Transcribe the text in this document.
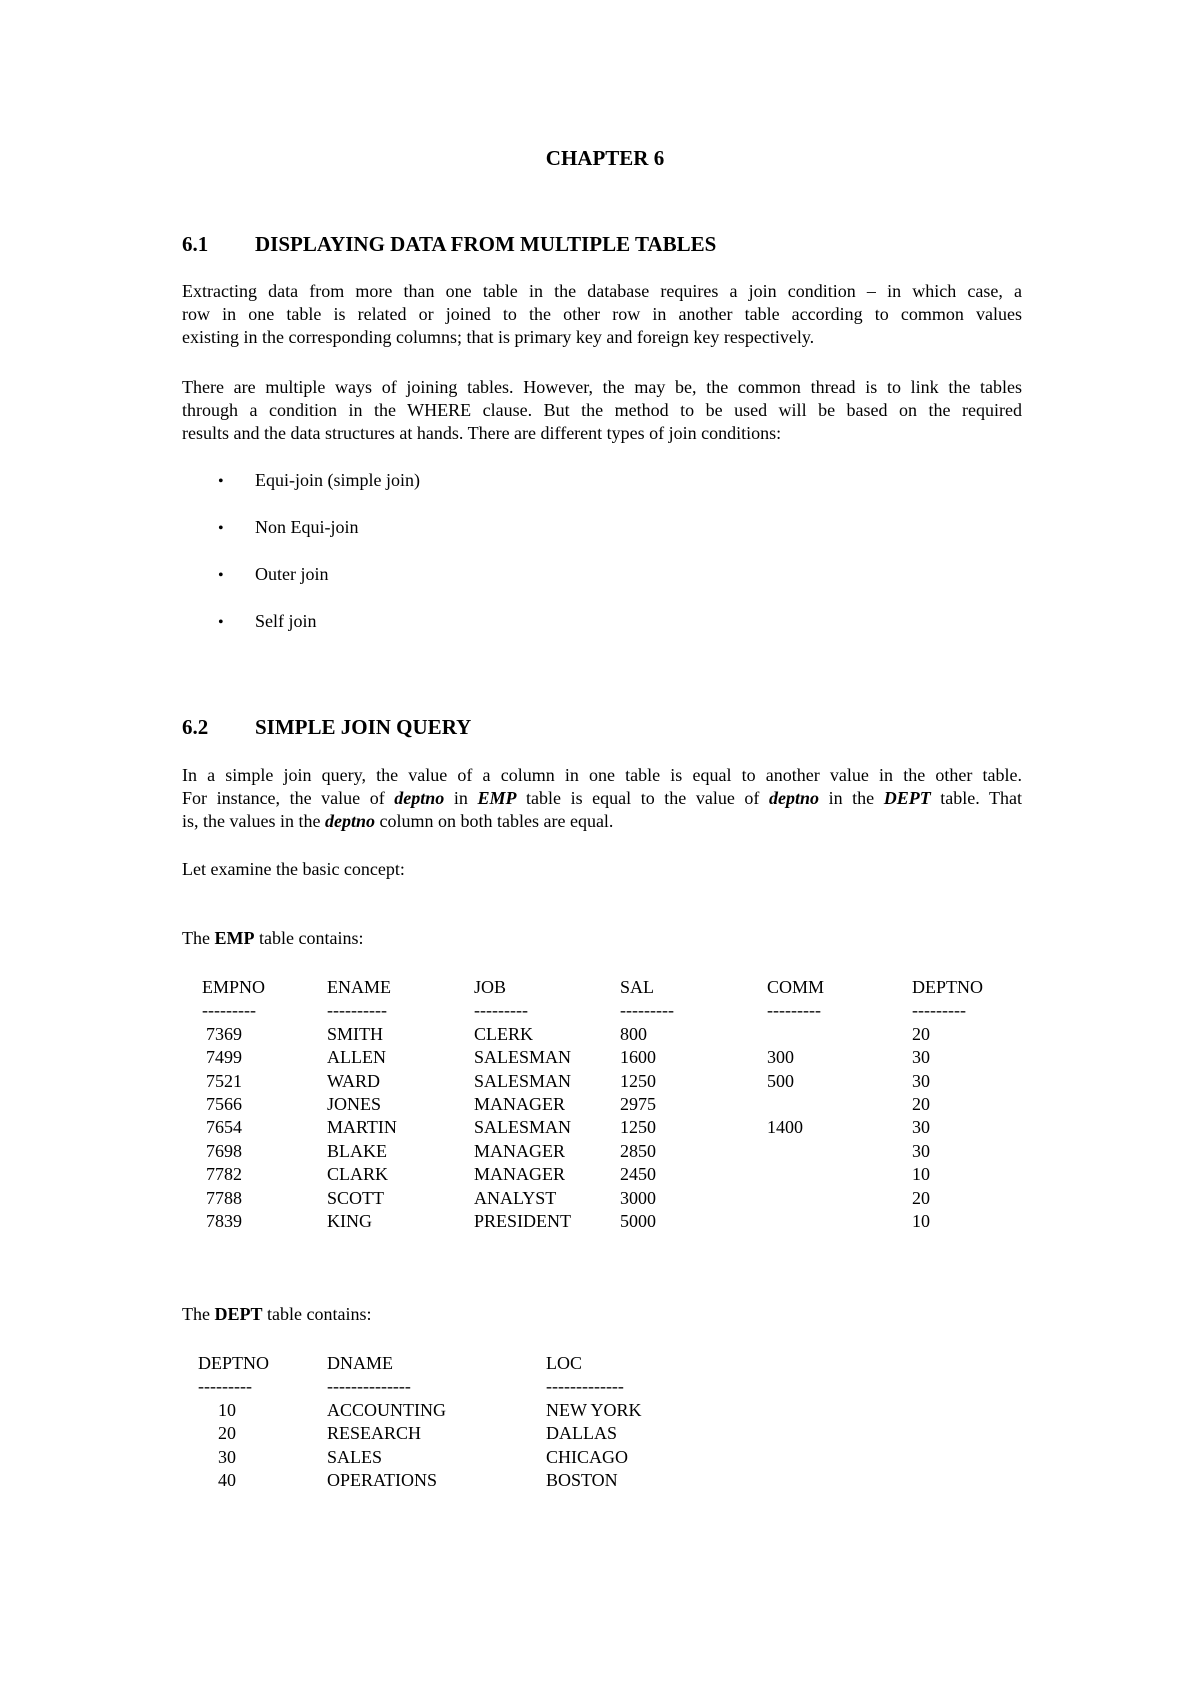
CHAPTER 6
6.1 DISPLAYING DATA FROM MULTIPLE TABLES
Extracting data from more than one table in the database requires a join condition – in which case, a
row in one table is related or joined to the other row in another table according to common values
existing in the corresponding columns; that is primary key and foreign key respectively.
There are multiple ways of joining tables. However, the may be, the common thread is to link the tables
through a condition in the WHERE clause. But the method to be used will be based on the required
results and the data structures at hands. There are different types of join conditions:
• Equi-join (simple join)
• Non Equi-join
• Outer join
• Self join
6.2 SIMPLE JOIN QUERY
In a simple join query, the value of a column in one table is equal to another value in the other table.
For instance, the value of deptno in EMP table is equal to the value of deptno in the DEPT table. That
is, the values in the deptno column on both tables are equal.
Let examine the basic concept:
The EMP table contains:
EMPNO
---------
7369
7499
7521
7566
7654
7698
7782
7788
7839
ENAME
----------
SMITH
ALLEN
WARD
JONES
MARTIN
BLAKE
CLARK
SCOTT
KING
JOB
---------
CLERK
SALESMAN
SALESMAN
MANAGER
SALESMAN
MANAGER
MANAGER
ANALYST
PRESIDENT
SAL
---------
800
1600
1250
2975
1250
2850
2450
3000
5000
COMM
---------
300
500
1400
DEPTNO
---------
20
30
30
20
30
30
10
20
10
The DEPT table contains:
DEPTNO
---------
10
20
30
40
DNAME
--------------
ACCOUNTING
RESEARCH
SALES
OPERATIONS
LOC
-------------
NEW YORK
DALLAS
CHICAGO
BOSTON
